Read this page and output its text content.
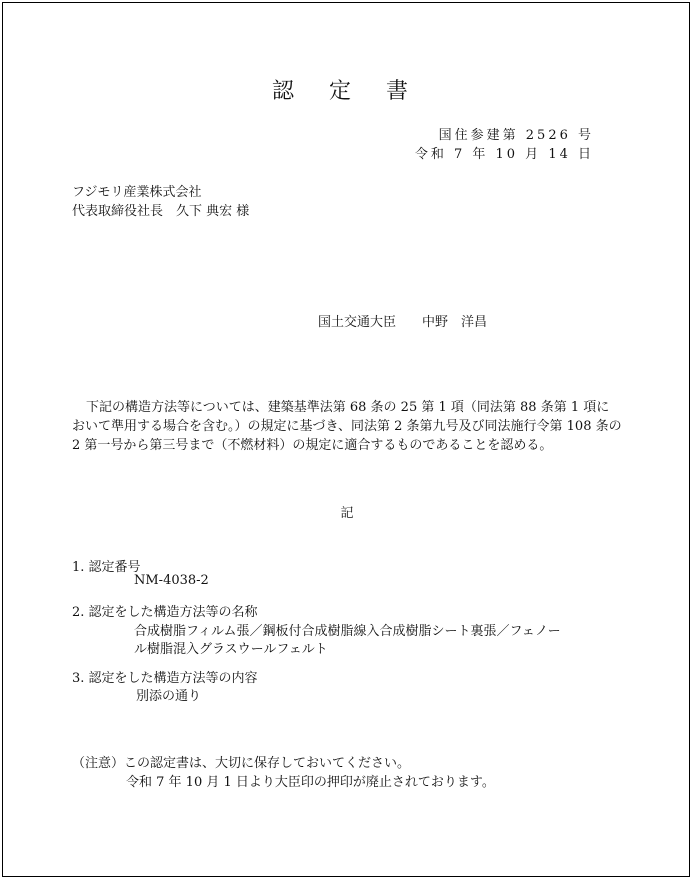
認 定 書
国住参建第 2526 号
令和 7 年 10 月 14 日
フジモリ産業株式会社
代表取締役社長　久下 典宏 様
国土交通大臣　　中野　洋昌
下記の構造方法等については、建築基準法第 68 条の 25 第 1 項（同法第 88 条第 1 項において準用する場合を含む。）の規定に基づき、同法第 2 条第九号及び同法施行令第 108 条の 2 第一号から第三号まで（不燃材料）の規定に適合するものであることを認める。
記
1. 認定番号
NM-4038-2
2. 認定をした構造方法等の名称
合成樹脂フィルム張／鋼板付合成樹脂線入合成樹脂シート裏張／フェノー
ル樹脂混入グラスウールフェルト
3. 認定をした構造方法等の内容
別添の通り
（注意）この認定書は、大切に保存しておいてください。
令和 7 年 10 月 1 日より大臣印の押印が廃止されております。
